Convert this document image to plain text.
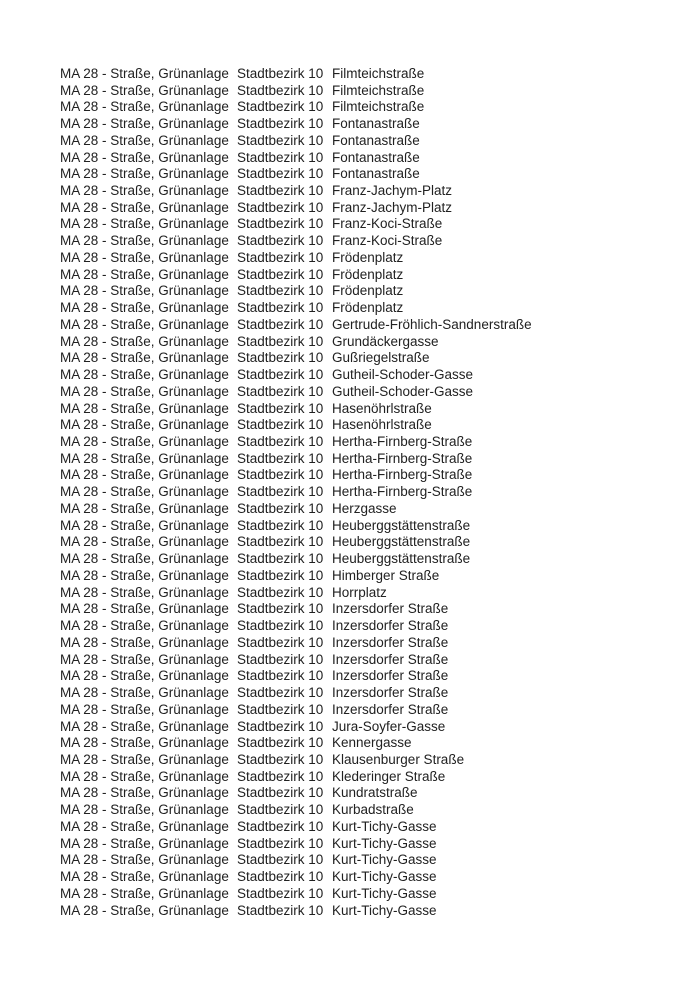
MA 28 - Straße, Grünanlage Stadtbezirk 10 Filmteichstraße
MA 28 - Straße, Grünanlage Stadtbezirk 10 Filmteichstraße
MA 28 - Straße, Grünanlage Stadtbezirk 10 Filmteichstraße
MA 28 - Straße, Grünanlage Stadtbezirk 10 Fontanastraße
MA 28 - Straße, Grünanlage Stadtbezirk 10 Fontanastraße
MA 28 - Straße, Grünanlage Stadtbezirk 10 Fontanastraße
MA 28 - Straße, Grünanlage Stadtbezirk 10 Fontanastraße
MA 28 - Straße, Grünanlage Stadtbezirk 10 Franz-Jachym-Platz
MA 28 - Straße, Grünanlage Stadtbezirk 10 Franz-Jachym-Platz
MA 28 - Straße, Grünanlage Stadtbezirk 10 Franz-Koci-Straße
MA 28 - Straße, Grünanlage Stadtbezirk 10 Franz-Koci-Straße
MA 28 - Straße, Grünanlage Stadtbezirk 10 Frödenplatz
MA 28 - Straße, Grünanlage Stadtbezirk 10 Frödenplatz
MA 28 - Straße, Grünanlage Stadtbezirk 10 Frödenplatz
MA 28 - Straße, Grünanlage Stadtbezirk 10 Frödenplatz
MA 28 - Straße, Grünanlage Stadtbezirk 10 Gertrude-Fröhlich-Sandnerstraße
MA 28 - Straße, Grünanlage Stadtbezirk 10 Grundäckergasse
MA 28 - Straße, Grünanlage Stadtbezirk 10 Gußriegelstraße
MA 28 - Straße, Grünanlage Stadtbezirk 10 Gutheil-Schoder-Gasse
MA 28 - Straße, Grünanlage Stadtbezirk 10 Gutheil-Schoder-Gasse
MA 28 - Straße, Grünanlage Stadtbezirk 10 Hasenöhrlstraße
MA 28 - Straße, Grünanlage Stadtbezirk 10 Hasenöhrlstraße
MA 28 - Straße, Grünanlage Stadtbezirk 10 Hertha-Firnberg-Straße
MA 28 - Straße, Grünanlage Stadtbezirk 10 Hertha-Firnberg-Straße
MA 28 - Straße, Grünanlage Stadtbezirk 10 Hertha-Firnberg-Straße
MA 28 - Straße, Grünanlage Stadtbezirk 10 Hertha-Firnberg-Straße
MA 28 - Straße, Grünanlage Stadtbezirk 10 Herzgasse
MA 28 - Straße, Grünanlage Stadtbezirk 10 Heuberggstättenstraße
MA 28 - Straße, Grünanlage Stadtbezirk 10 Heuberggstättenstraße
MA 28 - Straße, Grünanlage Stadtbezirk 10 Heuberggstättenstraße
MA 28 - Straße, Grünanlage Stadtbezirk 10 Himberger Straße
MA 28 - Straße, Grünanlage Stadtbezirk 10 Horrplatz
MA 28 - Straße, Grünanlage Stadtbezirk 10 Inzersdorfer Straße
MA 28 - Straße, Grünanlage Stadtbezirk 10 Inzersdorfer Straße
MA 28 - Straße, Grünanlage Stadtbezirk 10 Inzersdorfer Straße
MA 28 - Straße, Grünanlage Stadtbezirk 10 Inzersdorfer Straße
MA 28 - Straße, Grünanlage Stadtbezirk 10 Inzersdorfer Straße
MA 28 - Straße, Grünanlage Stadtbezirk 10 Inzersdorfer Straße
MA 28 - Straße, Grünanlage Stadtbezirk 10 Inzersdorfer Straße
MA 28 - Straße, Grünanlage Stadtbezirk 10 Jura-Soyfer-Gasse
MA 28 - Straße, Grünanlage Stadtbezirk 10 Kennergasse
MA 28 - Straße, Grünanlage Stadtbezirk 10 Klausenburger Straße
MA 28 - Straße, Grünanlage Stadtbezirk 10 Klederinger Straße
MA 28 - Straße, Grünanlage Stadtbezirk 10 Kundratstraße
MA 28 - Straße, Grünanlage Stadtbezirk 10 Kurbadstraße
MA 28 - Straße, Grünanlage Stadtbezirk 10 Kurt-Tichy-Gasse
MA 28 - Straße, Grünanlage Stadtbezirk 10 Kurt-Tichy-Gasse
MA 28 - Straße, Grünanlage Stadtbezirk 10 Kurt-Tichy-Gasse
MA 28 - Straße, Grünanlage Stadtbezirk 10 Kurt-Tichy-Gasse
MA 28 - Straße, Grünanlage Stadtbezirk 10 Kurt-Tichy-Gasse
MA 28 - Straße, Grünanlage Stadtbezirk 10 Kurt-Tichy-Gasse
